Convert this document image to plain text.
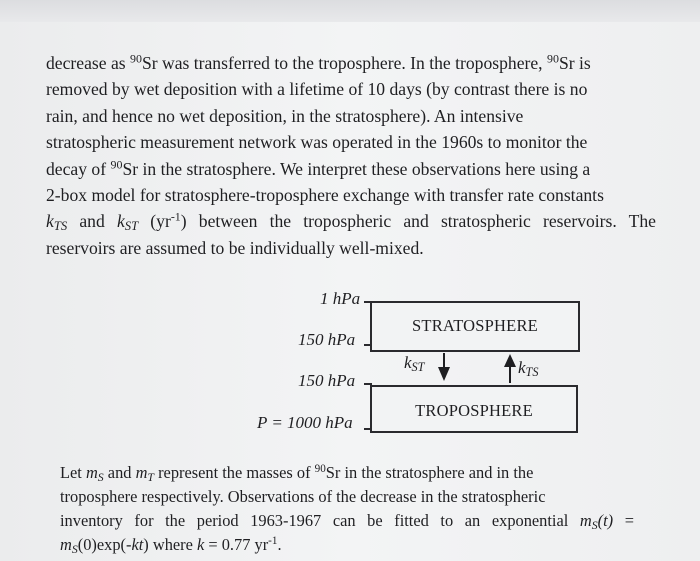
decrease as $^{90}$Sr was transferred to the troposphere. In the troposphere, $^{90}$Sr is

removed by wet deposition with a lifetime of 10 days (by contrast there is no

rain, and hence no wet deposition, in the stratosphere). An intensive

stratospheric measurement network was operated in the 1960s to monitor the

decay of $^{90}$Sr in the stratosphere. We interpret these observations here using a

2-box model for stratosphere-troposphere exchange with transfer rate constants

$k_{TS}$ and $k_{ST}$ $(yr^{-1})$ between the tropospheric and stratospheric reservoirs. The

reservoirs are assumed to be individually well-mixed.

1 hPa
150 hPa
150 hPa
P = 1000 hPa
STRATOSPHERE
TROPOSPHERE
$k_{ST}$	$k_{TS}$

Let $m_S$ and $m_T$ represent the masses of $^{90}$Sr in the stratosphere and in the

troposphere respectively. Observations of the decrease in the stratospheric

inventory for the period 1963-1967 can be fitted to an exponential $m_S(t)$ =

$m_S(0)\exp(-kt)$ where k = 0.77 $yr^{-1}$.
